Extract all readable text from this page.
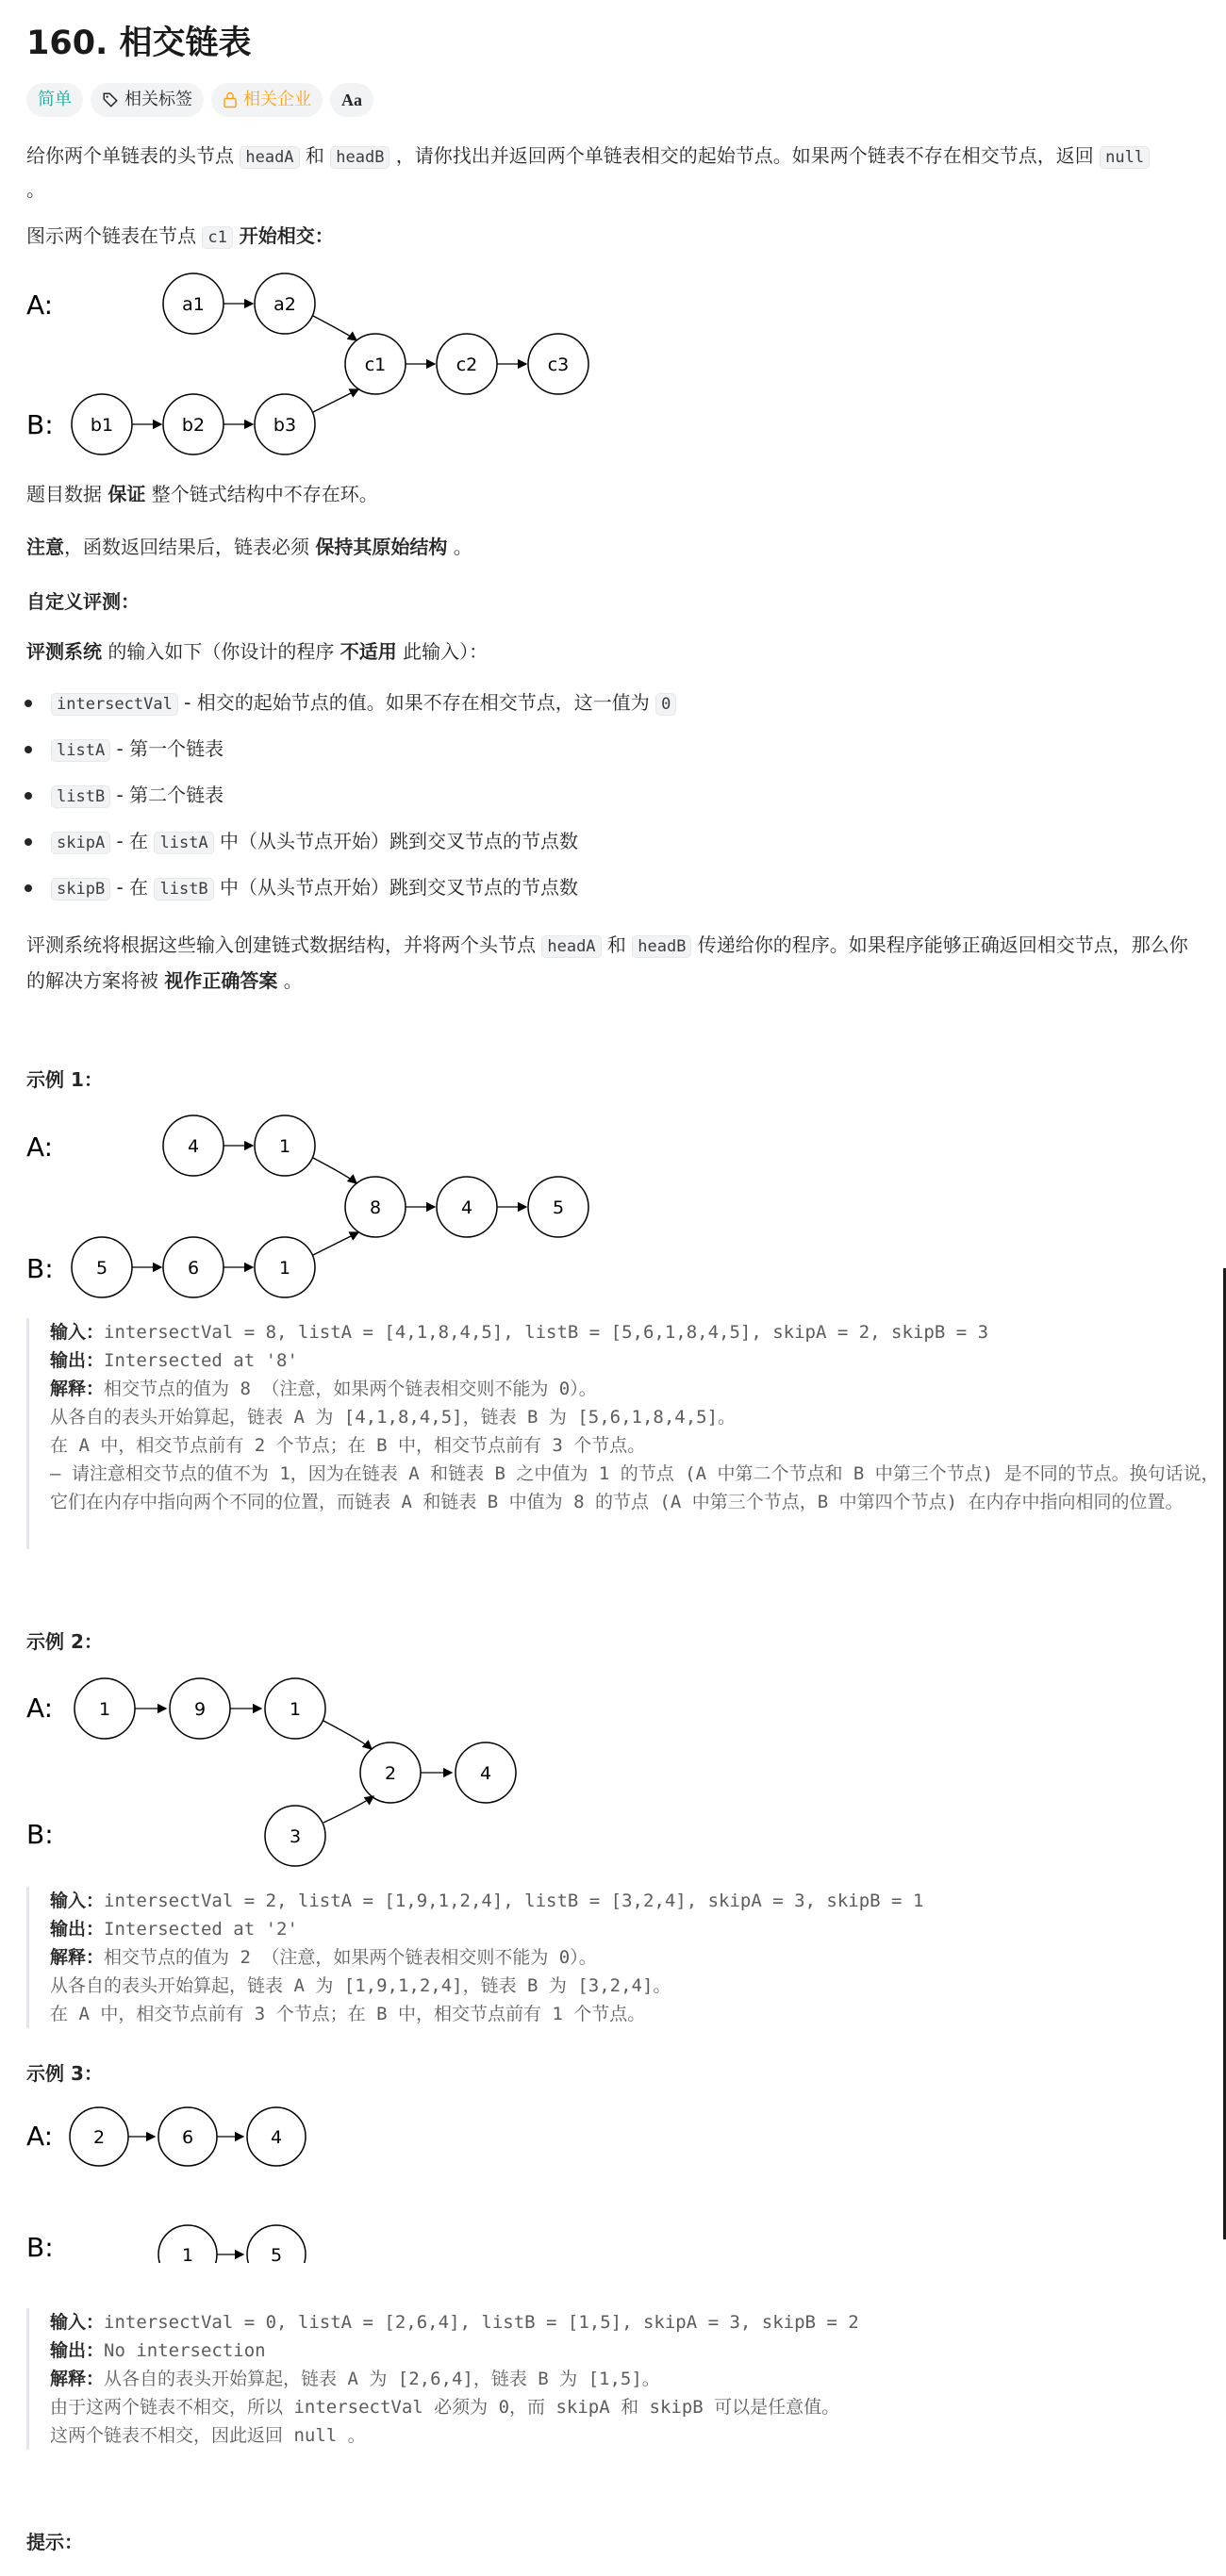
160. 相交链表
简单	相关标签	相关企业	Aa

给你两个单链表的头节点 headA 和 headB ，请你找出并返回两个单链表相交的起始节点。如果两个链表不存在相交节点，返回 null
。

图示两个链表在节点 c1 开始相交：

A:
B:
a1	a2
b1	b2	b3
c1	c2	c3

题目数据 保证 整个链式结构中不存在环。

注意，函数返回结果后，链表必须 保持其原始结构 。

自定义评测：

评测系统 的输入如下（你设计的程序 不适用 此输入）：

intersectVal - 相交的起始节点的值。如果不存在相交节点，这一值为 0
listA - 第一个链表
listB - 第二个链表
skipA - 在 listA 中（从头节点开始）跳到交叉节点的节点数
skipB - 在 listB 中（从头节点开始）跳到交叉节点的节点数

评测系统将根据这些输入创建链式数据结构，并将两个头节点 headA 和 headB 传递给你的程序。如果程序能够正确返回相交节点，那么你的解决方案将被 视作正确答案 。

示例 1：

A:
B:
4	1
5	6	1
8	4	5
输入：intersectVal = 8, listA = [4,1,8,4,5], listB = [5,6,1,8,4,5], skipA = 2, skipB = 3
输出：Intersected at '8'
解释：相交节点的值为 8 （注意，如果两个链表相交则不能为 0）。
从各自的表头开始算起，链表 A 为 [4,1,8,4,5]，链表 B 为 [5,6,1,8,4,5]。
在 A 中，相交节点前有 2 个节点；在 B 中，相交节点前有 3 个节点。
— 请注意相交节点的值不为 1，因为在链表 A 和链表 B 之中值为 1 的节点 (A 中第二个节点和 B 中第三个节点) 是不同的节点。换句话说，它们在内存中指向两个不同的位置，而链表 A 和链表 B 中值为 8 的节点 (A 中第三个节点，B 中第四个节点) 在内存中指向相同的位置。

示例 2：

A:
B:
1	9	1
3
2	4
输入：intersectVal = 2, listA = [1,9,1,2,4], listB = [3,2,4], skipA = 3, skipB = 1
输出：Intersected at '2'
解释：相交节点的值为 2 （注意，如果两个链表相交则不能为 0）。
从各自的表头开始算起，链表 A 为 [1,9,1,2,4]，链表 B 为 [3,2,4]。
在 A 中，相交节点前有 3 个节点；在 B 中，相交节点前有 1 个节点。

示例 3：

A:
B:
2	6	4
1	5
输入：intersectVal = 0, listA = [2,6,4], listB = [1,5], skipA = 3, skipB = 2
输出：No intersection
解释：从各自的表头开始算起，链表 A 为 [2,6,4]，链表 B 为 [1,5]。
由于这两个链表不相交，所以 intersectVal 必须为 0，而 skipA 和 skipB 可以是任意值。
这两个链表不相交，因此返回 null 。

提示：
